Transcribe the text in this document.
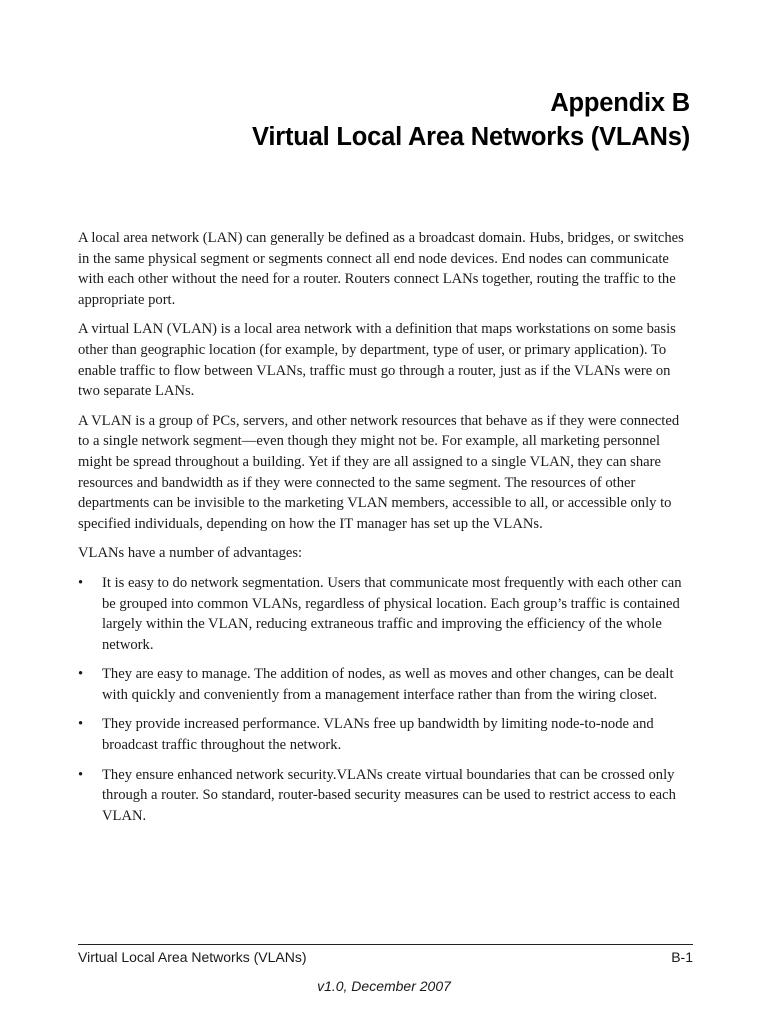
Appendix B
Virtual Local Area Networks (VLANs)

A local area network (LAN) can generally be defined as a broadcast domain. Hubs, bridges, or switches in the same physical segment or segments connect all end node devices. End nodes can communicate with each other without the need for a router. Routers connect LANs together, routing the traffic to the appropriate port.

A virtual LAN (VLAN) is a local area network with a definition that maps workstations on some basis other than geographic location (for example, by department, type of user, or primary application). To enable traffic to flow between VLANs, traffic must go through a router, just as if the VLANs were on two separate LANs.

A VLAN is a group of PCs, servers, and other network resources that behave as if they were connected to a single network segment—even though they might not be. For example, all marketing personnel might be spread throughout a building. Yet if they are all assigned to a single VLAN, they can share resources and bandwidth as if they were connected to the same segment. The resources of other departments can be invisible to the marketing VLAN members, accessible to all, or accessible only to specified individuals, depending on how the IT manager has set up the VLANs.

VLANs have a number of advantages:

• It is easy to do network segmentation. Users that communicate most frequently with each other can be grouped into common VLANs, regardless of physical location. Each group’s traffic is contained largely within the VLAN, reducing extraneous traffic and improving the efficiency of the whole network.
• They are easy to manage. The addition of nodes, as well as moves and other changes, can be dealt with quickly and conveniently from a management interface rather than from the wiring closet.
• They provide increased performance. VLANs free up bandwidth by limiting node-to-node and broadcast traffic throughout the network.
• They ensure enhanced network security.VLANs create virtual boundaries that can be crossed only through a router. So standard, router-based security measures can be used to restrict access to each VLAN.
Virtual Local Area Networks (VLANs)	B-1
v1.0, December 2007
